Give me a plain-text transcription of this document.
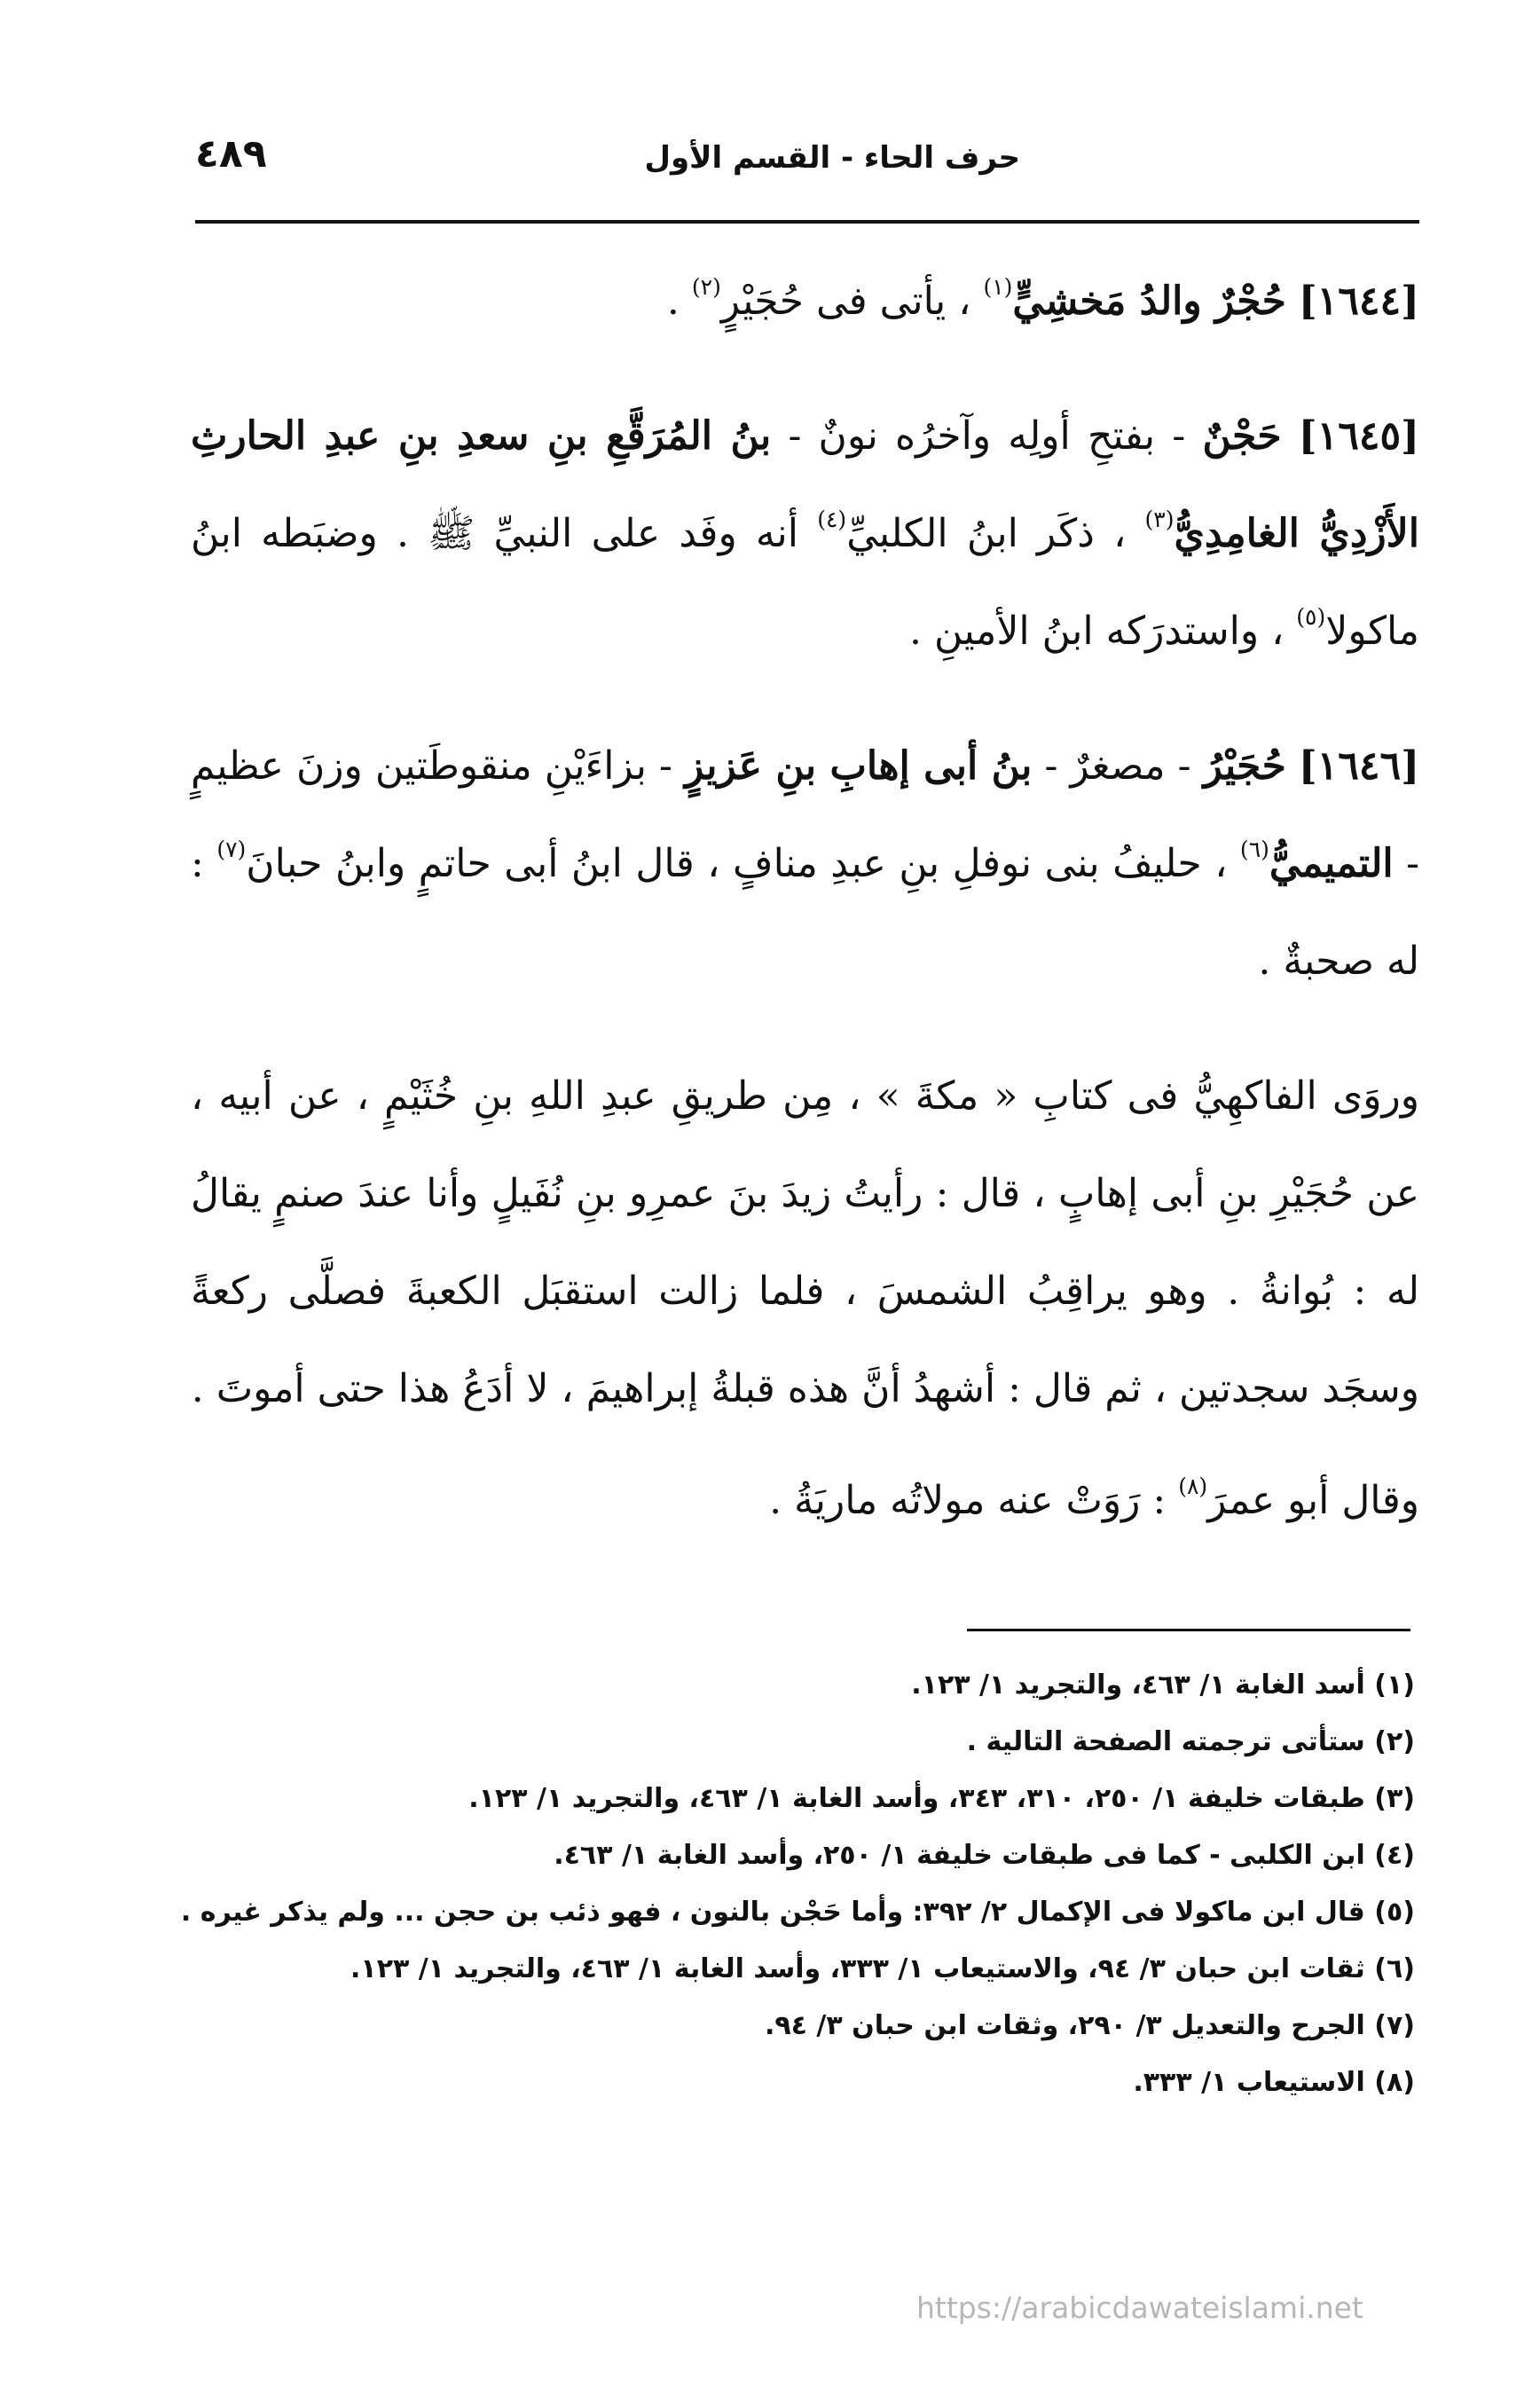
حرف الحاء - القسم الأول
٤٨٩

[١٦٤٤] حُجْرٌ والدُ مَخشِيٍّ$^{(١)}$ ، يأتى فى حُجَيْرٍ$^{(٢)}$ .

[١٦٤٥] حَجْنٌ - بفتحِ أولِه وآخرُه نونٌ - بنُ المُرَقَّعِ بنِ سعدِ بنِ عبدِ الحارثِ الأَزْدِيُّ الغامِدِيُّ$^{(٣)}$ ، ذكَر ابنُ الكلبيِّ$^{(٤)}$ أنه وفَد على النبيِّ ﷺ . وضبَطه ابنُ ماكولا$^{(٥)}$ ، واستدرَكه ابنُ الأمينِ .

[١٦٤٦] حُجَيْرُ - مصغرٌ - بنُ أبى إهابِ بنِ عَزيزٍ - بزاءَيْنِ منقوطَتين وزنَ عظيمٍ - التميميُّ$^{(٦)}$ ، حليفُ بنى نوفلِ بنِ عبدِ منافٍ ، قال ابنُ أبى حاتمٍ وابنُ حبانَ$^{(٧)}$ : له صحبةٌ .

وروَى الفاكهِيُّ فى كتابِ « مكةَ » ، مِن طريقِ عبدِ اللهِ بنِ خُثَيْمٍ ، عن أبيه ، عن حُجَيْرِ بنِ أبى إهابٍ ، قال : رأيتُ زيدَ بنَ عمرِو بنِ نُفَيلٍ وأنا عندَ صنمٍ يقالُ له : بُوانةُ . وهو يراقِبُ الشمسَ ، فلما زالت استقبَل الكعبةَ فصلَّى ركعةً وسجَد سجدتين ، ثم قال : أشهدُ أنَّ هذه قبلةُ إبراهيمَ ، لا أدَعُ هذا حتى أموتَ .

وقال أبو عمرَ$^{(٨)}$ : رَوَتْ عنه مولاتُه ماريَةُ .

(١) أسد الغابة ١/ ٤٦٣، والتجريد ١/ ١٢٣.
(٢) ستأتى ترجمته الصفحة التالية .
(٣) طبقات خليفة ١/ ٢٥٠، ٣١٠، ٣٤٣، وأسد الغابة ١/ ٤٦٣، والتجريد ١/ ١٢٣.
(٤) ابن الكلبى - كما فى طبقات خليفة ١/ ٢٥٠، وأسد الغابة ١/ ٤٦٣.
(٥) قال ابن ماكولا فى الإكمال ٢/ ٣٩٢: وأما حَجْن بالنون ، فهو ذئب بن حجن ... ولم يذكر غيره .
(٦) ثقات ابن حبان ٣/ ٩٤، والاستيعاب ١/ ٣٣٣، وأسد الغابة ١/ ٤٦٣، والتجريد ١/ ١٢٣.
(٧) الجرح والتعديل ٣/ ٢٩٠، وثقات ابن حبان ٣/ ٩٤.
(٨) الاستيعاب ١/ ٣٣٣.
https://arabicdawateislami.net
